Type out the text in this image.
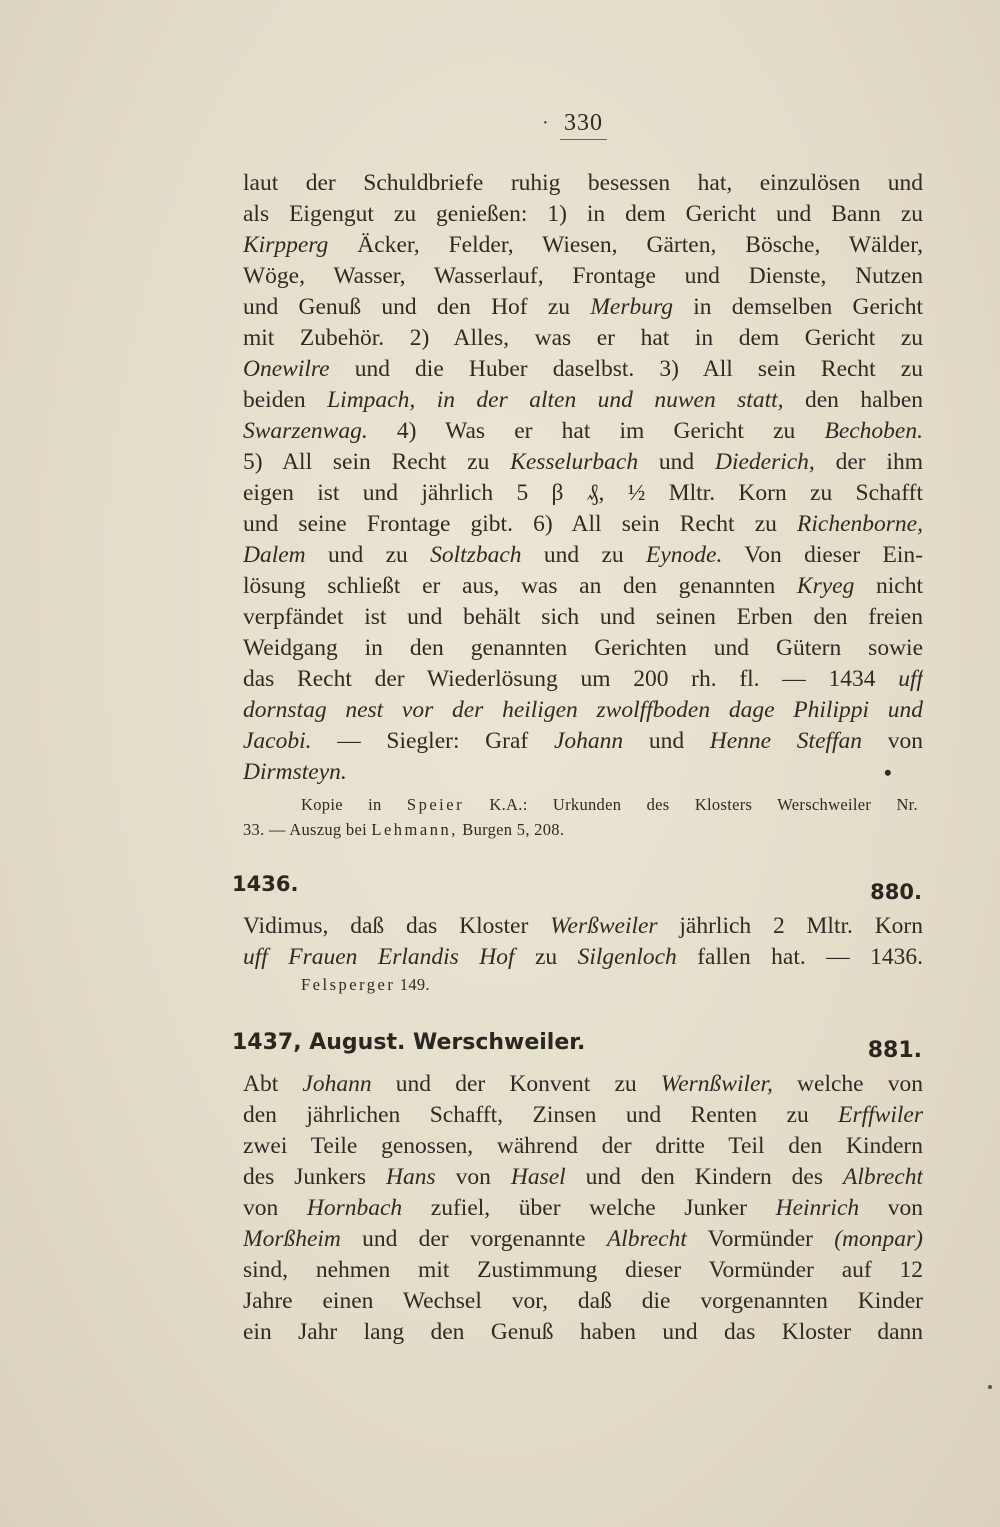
· 330
laut der Schuldbriefe ruhig besessen hat, einzulösen und
als Eigengut zu genießen: 1) in dem Gericht und Bann zu
Kirpperg Äcker, Felder, Wiesen, Gärten, Bösche, Wälder,
Wöge, Wasser, Wasserlauf, Frontage und Dienste, Nutzen
und Genuß und den Hof zu Merburg in demselben Gericht
mit Zubehör. 2) Alles, was er hat in dem Gericht zu
Onewilre und die Huber daselbst. 3) All sein Recht zu
beiden Limpach, in der alten und nuwen statt, den halben
Swarzenwag. 4) Was er hat im Gericht zu Bechoben.
5) All sein Recht zu Kesselurbach und Diederich, der ihm
eigen ist und jährlich 5 β ₰, ½ Mltr. Korn zu Schafft
und seine Frontage gibt. 6) All sein Recht zu Richenborne,
Dalem und zu Soltzbach und zu Eynode. Von dieser Ein-
lösung schließt er aus, was an den genannten Kryeg nicht
verpfändet ist und behält sich und seinen Erben den freien
Weidgang in den genannten Gerichten und Gütern sowie
das Recht der Wiederlösung um 200 rh. fl. — 1434 uff
dornstag nest vor der heiligen zwolffboden dage Philippi und
Jacobi. — Siegler: Graf Johann und Henne Steffan von
Dirmsteyn.	•
Kopie in Speier K.A.: Urkunden des Klosters Werschweiler Nr.
33. — Auszug bei Lehmann, Burgen 5, 208.
1436.	880.
Vidimus, daß das Kloster Werßweiler jährlich 2 Mltr. Korn
uff Frauen Erlandis Hof zu Silgenloch fallen hat. — 1436.
Felsperger 149.
1437, August. Werschweiler.	881.
Abt Johann und der Konvent zu Wernßwiler, welche von
den jährlichen Schafft, Zinsen und Renten zu Erffwiler
zwei Teile genossen, während der dritte Teil den Kindern
des Junkers Hans von Hasel und den Kindern des Albrecht
von Hornbach zufiel, über welche Junker Heinrich von
Morßheim und der vorgenannte Albrecht Vormünder (monpar)
sind, nehmen mit Zustimmung dieser Vormünder auf 12
Jahre einen Wechsel vor, daß die vorgenannten Kinder
ein Jahr lang den Genuß haben und das Kloster dann
